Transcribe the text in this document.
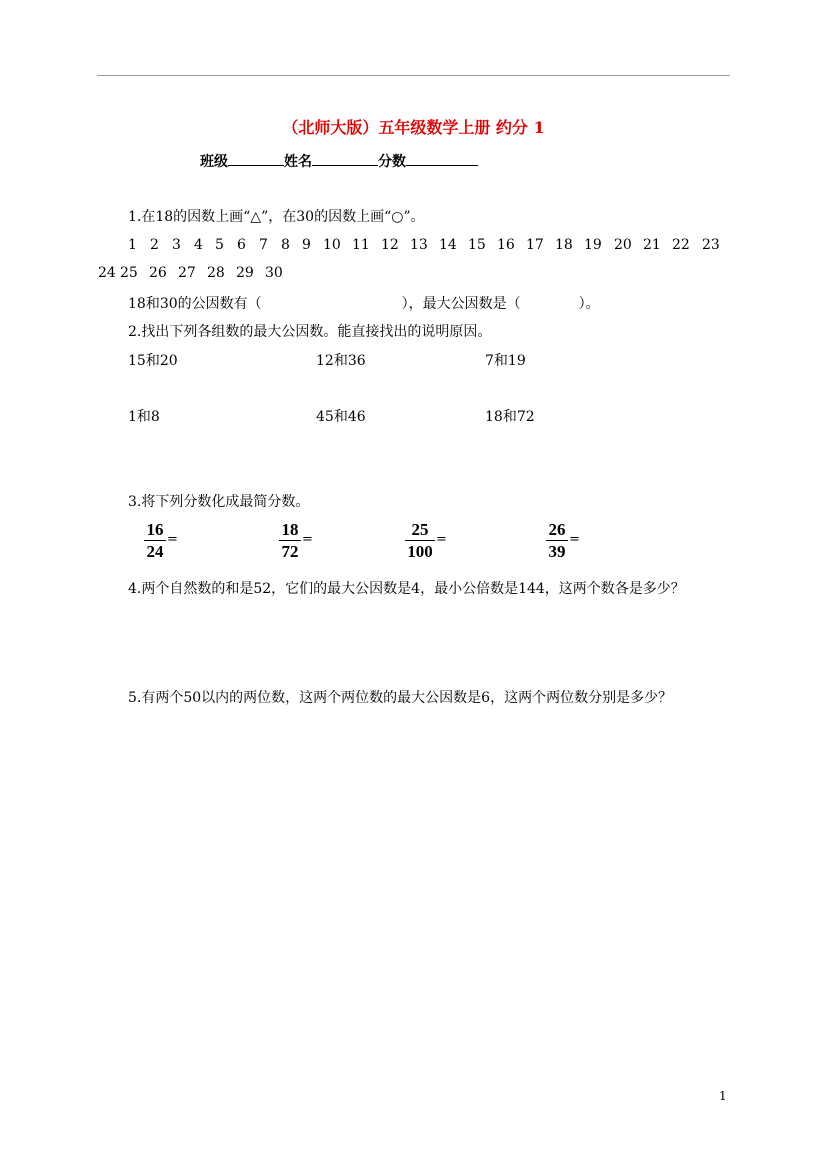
（北师大版）五年级数学上册 约分 1
班级	姓名	分数
1.在18的因数上画“△”，在30的因数上画“○”。
1 2 3 4 5 6 7 8 9 10 11 12 13 14 15 16 17 18 19 20 21 22 23
24 25 26 27 28 29 30
18和30的公因数有（	），最大公因数是（	）。
2.找出下列各组数的最大公因数。能直接找出的说明原因。
15和20	12和36	7和19
1和8	45和46	18和72
3.将下列分数化成最简分数。
16
24
=
18
72
=
25
100
=
26
39
=
4.两个自然数的和是52，它们的最大公因数是4，最小公倍数是144，这两个数各是多少？
5.有两个50以内的两位数，这两个两位数的最大公因数是6，这两个两位数分别是多少？
1
